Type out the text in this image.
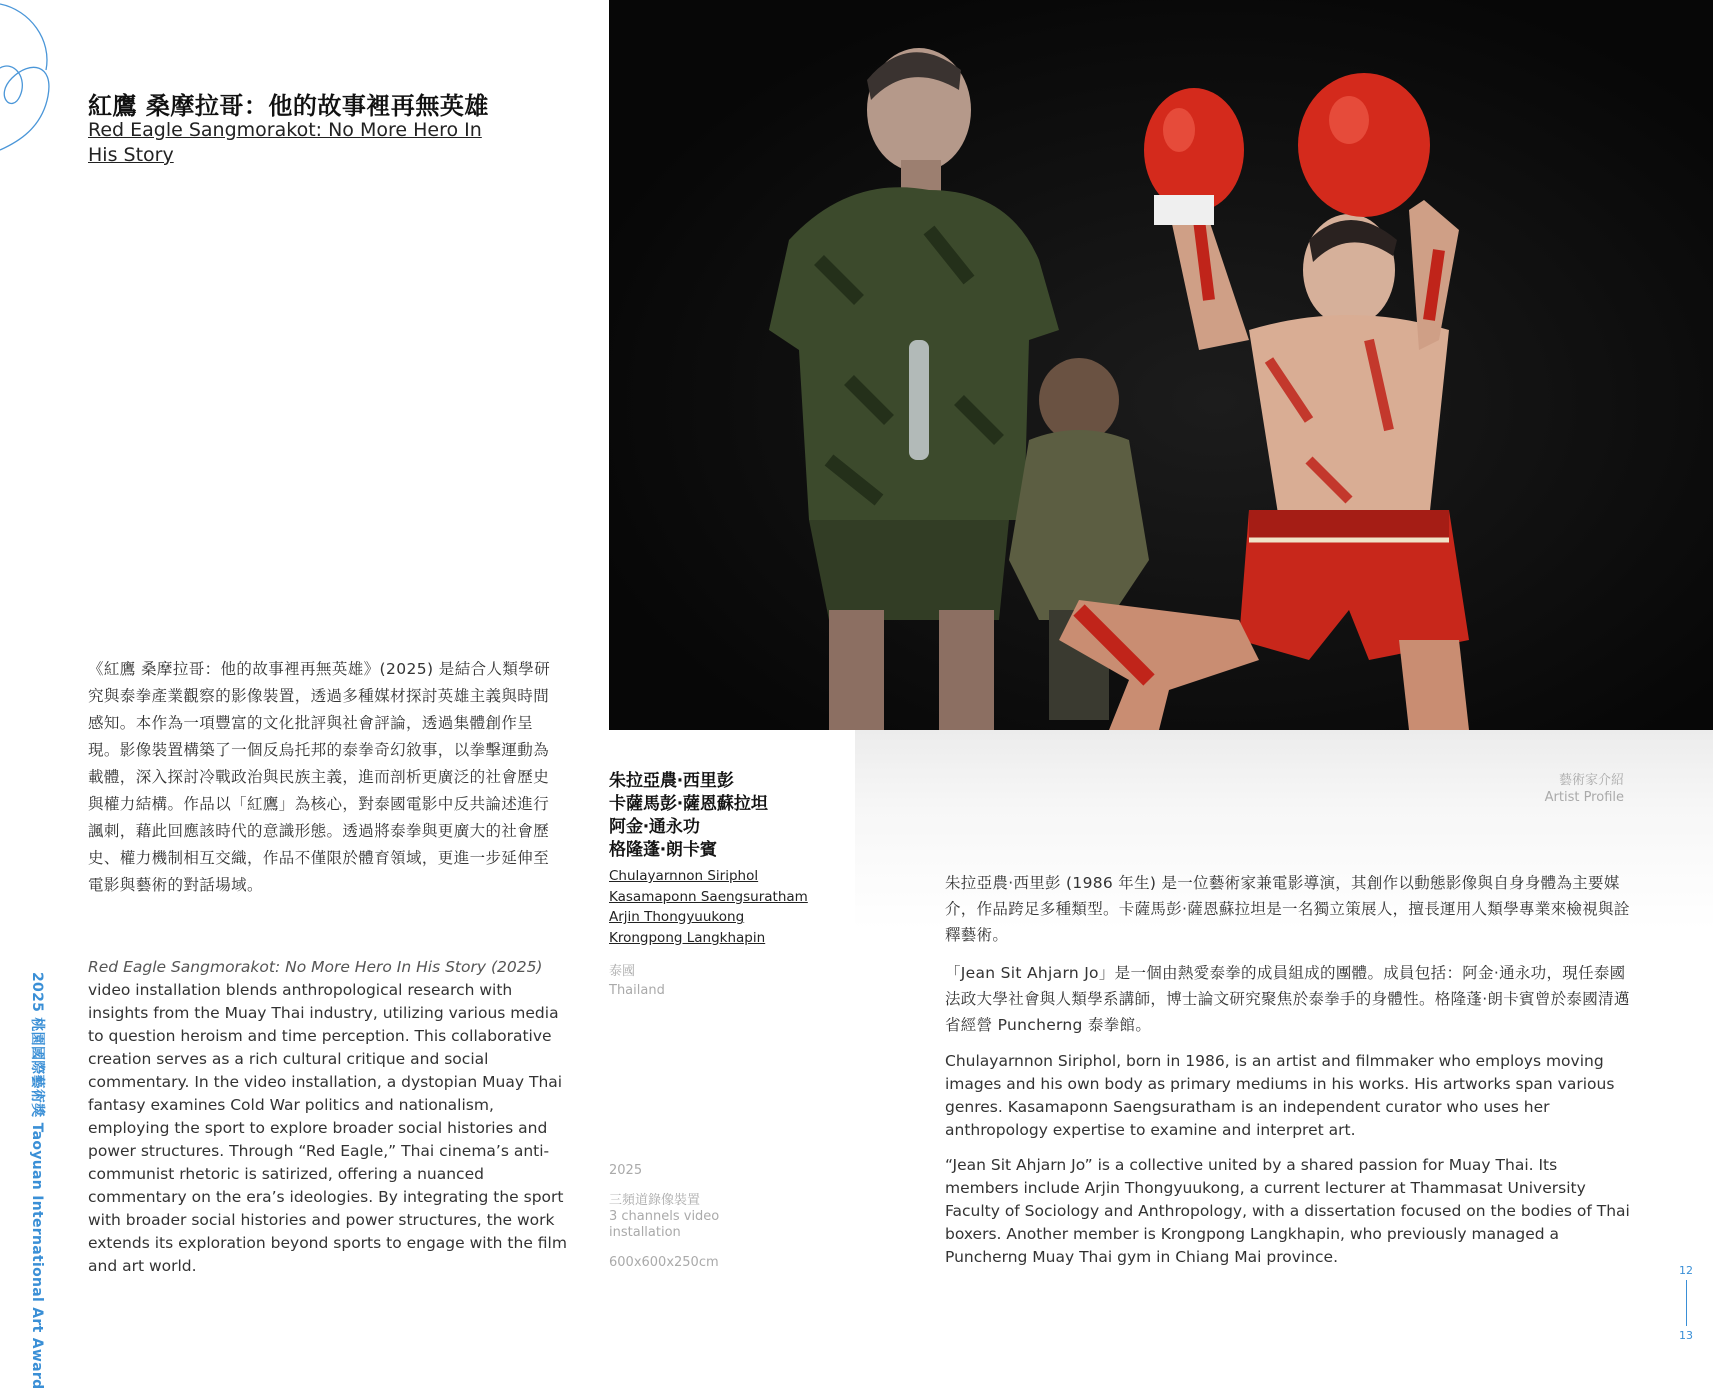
2025 桃園國際藝術獎 Taoyuan International Art Award
紅鷹 桑摩拉哥：他的故事裡再無英雄
Red Eagle Sangmorakot: No More Hero In His Story
《紅鷹 桑摩拉哥：他的故事裡再無英雄》(2025) 是結合人類學研究與泰拳產業觀察的影像裝置，透過多種媒材探討英雄主義與時間感知。本作為一項豐富的文化批評與社會評論，透過集體創作呈現。影像裝置構築了一個反烏托邦的泰拳奇幻敘事，以拳擊運動為載體，深入探討冷戰政治與民族主義，進而剖析更廣泛的社會歷史與權力結構。作品以「紅鷹」為核心，對泰國電影中反共論述進行諷刺，藉此回應該時代的意識形態。透過將泰拳與更廣大的社會歷史、權力機制相互交織，作品不僅限於體育領域，更進一步延伸至電影與藝術的對話場域。
Red Eagle Sangmorakot: No More Hero In His Story (2025) video installation blends anthropological research with insights from the Muay Thai industry, utilizing various media to question heroism and time perception. This collaborative creation serves as a rich cultural critique and social commentary. In the video installation, a dystopian Muay Thai fantasy examines Cold War politics and nationalism, employing the sport to explore broader social histories and power structures. Through “Red Eagle,” Thai cinema’s anti-communist rhetoric is satirized, offering a nuanced commentary on the era’s ideologies. By integrating the sport with broader social histories and power structures, the work extends its exploration beyond sports to engage with the film and art world.
朱拉亞農‧西里彭
卡薩馬彭‧薩恩蘇拉坦
阿金‧通永功
格隆蓬‧朗卡賓
Chulayarnnon Siriphol
Kasamaponn Saengsuratham
Arjin Thongyuukong
Krongpong Langkhapin
泰國
Thailand
2025
三頻道錄像裝置
3 channels video
installation
600x600x250cm
藝術家介紹
Artist Profile

朱拉亞農‧西里彭 (1986 年生) 是一位藝術家兼電影導演，其創作以動態影像與自身身體為主要媒介，作品跨足多種類型。卡薩馬彭‧薩恩蘇拉坦是一名獨立策展人，擅長運用人類學專業來檢視與詮釋藝術。

「Jean Sit Ahjarn Jo」是一個由熱愛泰拳的成員組成的團體。成員包括：阿金‧通永功，現任泰國法政大學社會與人類學系講師，博士論文研究聚焦於泰拳手的身體性。格隆蓬‧朗卡賓曾於泰國清邁省經營 Puncherng 泰拳館。

Chulayarnnon Siriphol, born in 1986, is an artist and filmmaker who employs moving images and his own body as primary mediums in his works. His artworks span various genres. Kasamaponn Saengsuratham is an independent curator who uses her anthropology expertise to examine and interpret art.

“Jean Sit Ahjarn Jo” is a collective united by a shared passion for Muay Thai. Its members include Arjin Thongyuukong, a current lecturer at Thammasat University Faculty of Sociology and Anthropology, with a dissertation focused on the bodies of Thai boxers. Another member is Krongpong Langkhapin, who previously managed a Puncherng Muay Thai gym in Chiang Mai province.

12
13
